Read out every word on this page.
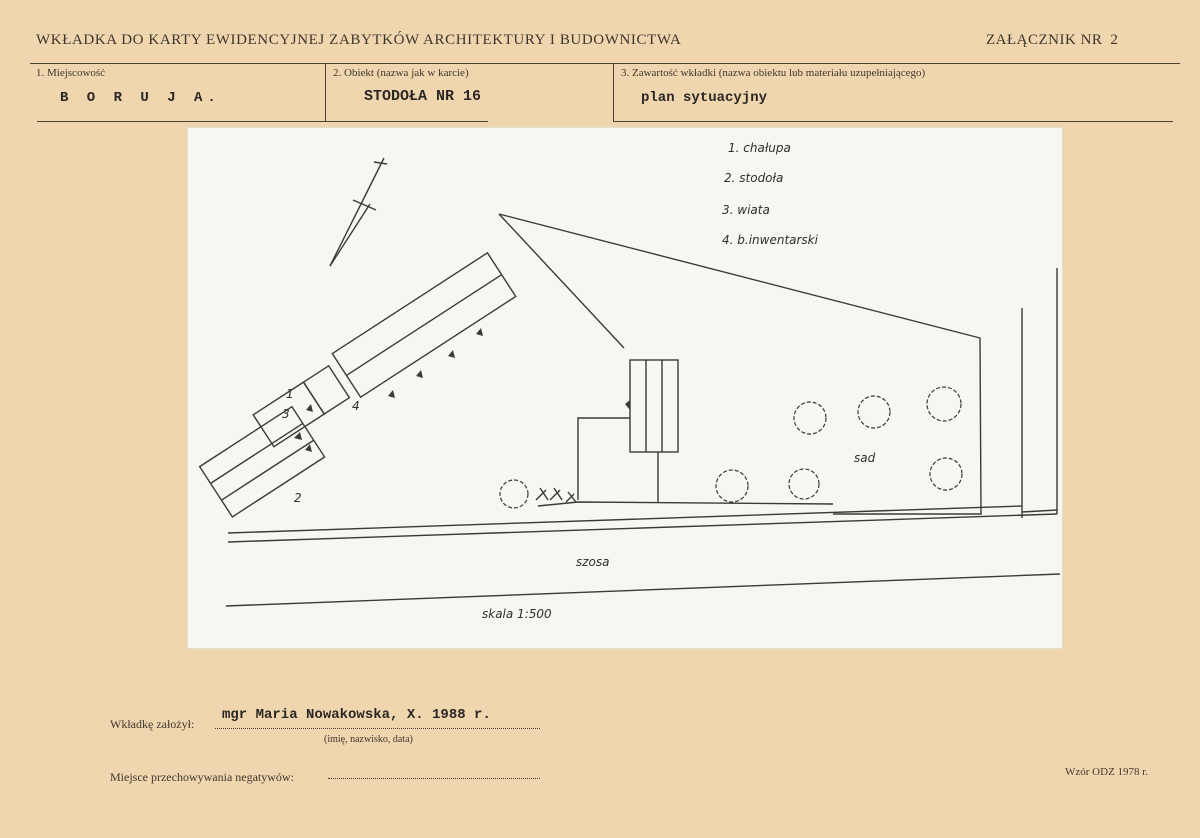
WKŁADKA DO KARTY EWIDENCYJNEJ ZABYTKÓW ARCHITEKTURY I BUDOWNICTWA	ZAŁĄCZNIK NR 2
1. Miejscowość	2. Obiekt (nazwa jak w karcie)	3. Zawartość wkładki (nazwa obiektu lub materiału uzupełniającego)
B O R U J A.	STODOŁA NR 16	plan sytuacyjny
1. chałupa
2. stodoła
3. wiata
4. b.inwentarski
1
2
3
4
sad
szosa
skala 1:500
Wkładkę założył:
mgr Maria Nowakowska, X. 1988 r.
(imię, nazwisko, data)
Miejsce przechowywania negatywów:	Wzór ODZ 1978 r.
